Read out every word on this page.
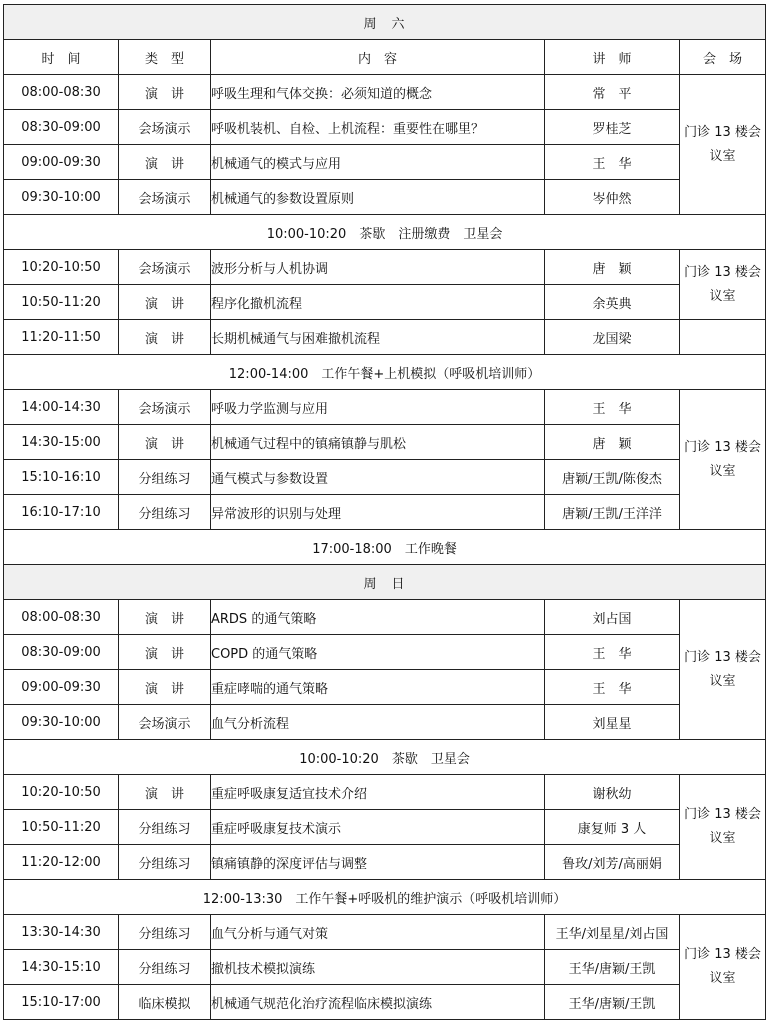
周　六				
时　间	类　型	内　容	讲　师	会　场
08:00-08:30	演　讲	呼吸生理和气体交换：必须知道的概念	常　平	门诊 13 楼会
议室

08:30-09:00	会场演示	呼吸机装机、自检、上机流程：重要性在哪里？	罗桂芝	
09:00-09:30	演　讲	机械通气的模式与应用	王　华	
09:30-10:00	会场演示	机械通气的参数设置原则	岑仲然	
10:00-10:20　茶歇　注册缴费　卫星会				
10:20-10:50	会场演示	波形分析与人机协调	唐　颖	门诊 13 楼会
议室

10:50-11:20	演　讲	程序化撤机流程	余英典	
11:20-11:50	演　讲	长期机械通气与困难撤机流程	龙国梁	
12:00-14:00　工作午餐+上机模拟（呼吸机培训师）				
14:00-14:30	会场演示	呼吸力学监测与应用	王　华	门诊 13 楼会
议室

14:30-15:00	演　讲	机械通气过程中的镇痛镇静与肌松	唐　颖	
15:10-16:10	分组练习	通气模式与参数设置	唐颖/王凯/陈俊杰	
16:10-17:10	分组练习	异常波形的识别与处理	唐颖/王凯/王洋洋	
17:00-18:00　工作晚餐				
周　日				
08:00-08:30	演　讲	ARDS 的通气策略	刘占国	门诊 13 楼会
议室

08:30-09:00	演　讲	COPD 的通气策略	王　华	
09:00-09:30	演　讲	重症哮喘的通气策略	王　华	
09:30-10:00	会场演示	血气分析流程	刘星星	
10:00-10:20　茶歇　卫星会				
10:20-10:50	演　讲	重症呼吸康复适宜技术介绍	谢秋幼	门诊 13 楼会
议室

10:50-11:20	分组练习	重症呼吸康复技术演示	康复师 3 人	
11:20-12:00	分组练习	镇痛镇静的深度评估与调整	鲁玫/刘芳/高丽娟	
12:00-13:30　工作午餐+呼吸机的维护演示（呼吸机培训师）				
13:30-14:30	分组练习	血气分析与通气对策	王华/刘星星/刘占国	门诊 13 楼会
议室

14:30-15:10	分组练习	撤机技术模拟演练	王华/唐颖/王凯	
15:10-17:00	临床模拟	机械通气规范化治疗流程临床模拟演练	王华/唐颖/王凯	
